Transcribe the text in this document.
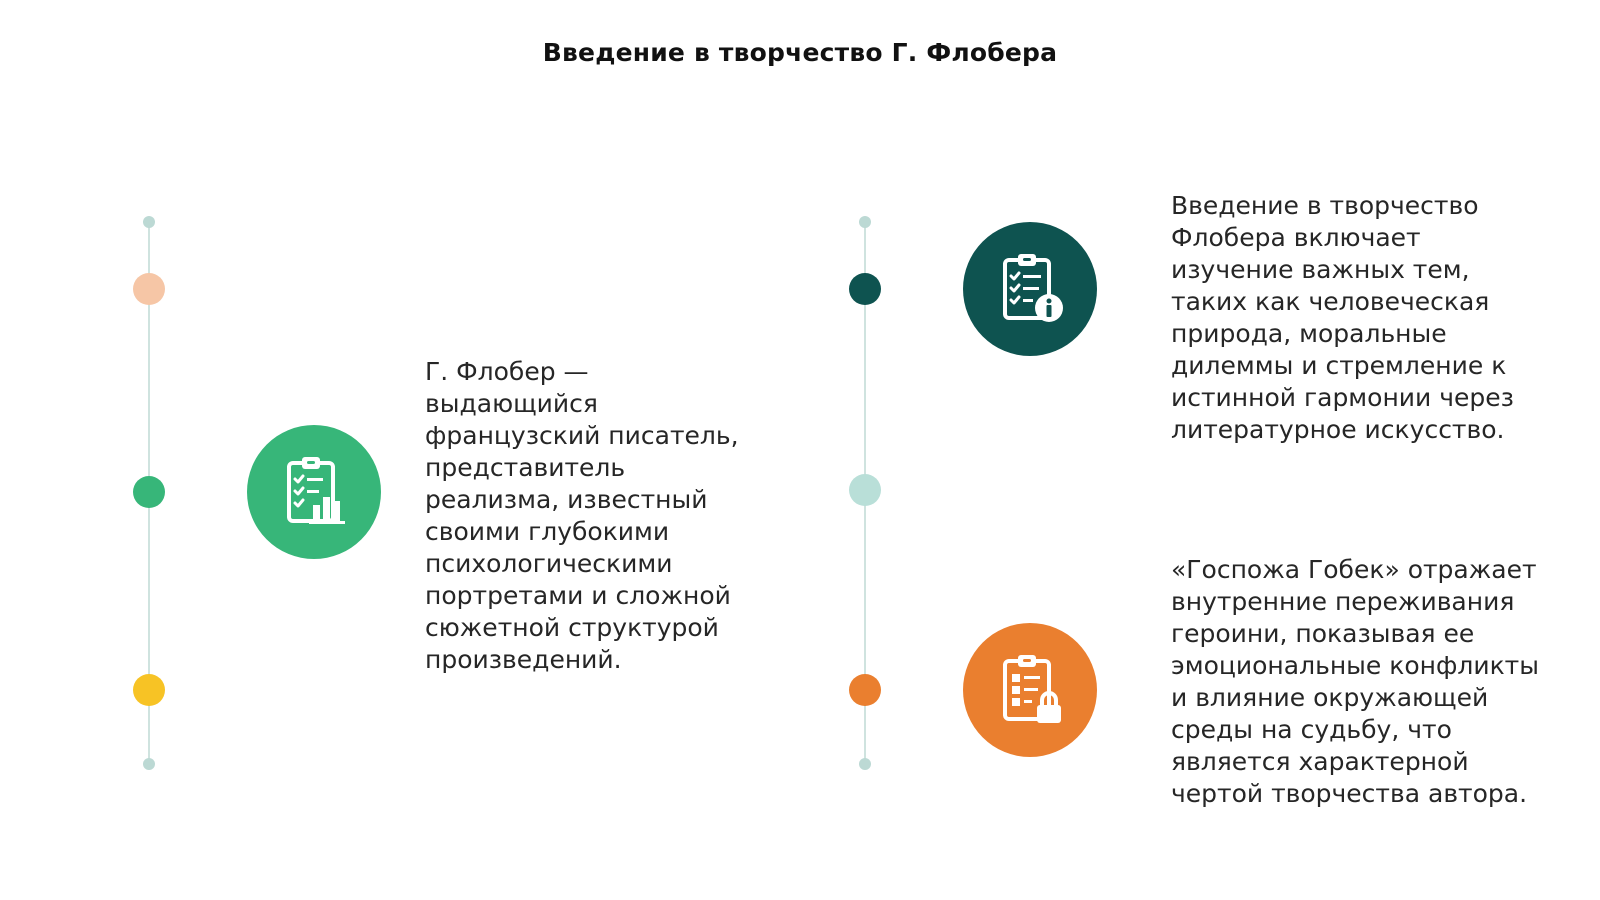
Введение в творчество Г. Флобера
Г. Флобер — выдающийся французский писатель, представитель реализма, известный своими глубокими психологическими портретами и сложной сюжетной структурой произведений.
Введение в творчество Флобера включает изучение важных тем, таких как человеческая природа, моральные дилеммы и стремление к истинной гармонии через литературное искусство.
«Госпожа Гобек» отражает внутренние переживания героини, показывая ее эмоциональные конфликты и влияние окружающей среды на судьбу, что является характерной чертой творчества автора.
